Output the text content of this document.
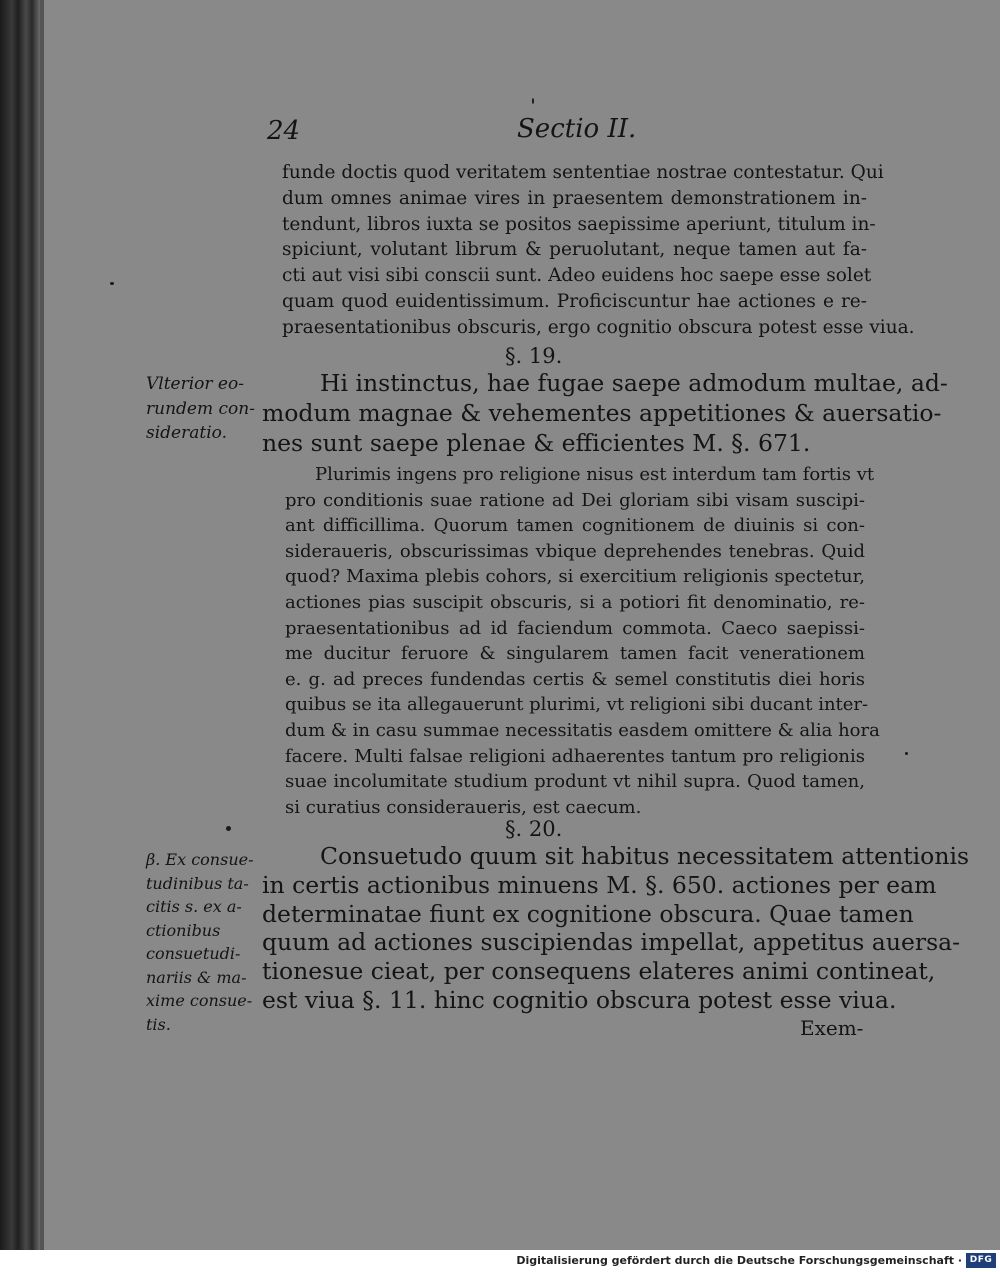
24	Sectio II.
funde doctis quod veritatem sententiae nostrae contestatur. Qui
dum omnes animae vires in praesentem demonstrationem in-
tendunt, libros iuxta se positos saepissime aperiunt, titulum in-
spiciunt, volutant librum & peruolutant, neque tamen aut fa-
cti aut visi sibi conscii sunt. Adeo euidens hoc saepe esse solet
quam quod euidentissimum. Proficiscuntur hae actiones e re-
praesentationibus obscuris, ergo cognitio obscura potest esse viua.
§. 19.
Vlterior eo-
rundem con-
sideratio.
Hi instinctus, hae fugae saepe admodum multae, ad-
modum magnae & vehementes appetitiones & auersatio-
nes sunt saepe plenae & efficientes M. §. 671.
Plurimis ingens pro religione nisus est interdum tam fortis vt
pro conditionis suae ratione ad Dei gloriam sibi visam suscipi-
ant difficillima. Quorum tamen cognitionem de diuinis si con-
sideraueris, obscurissimas vbique deprehendes tenebras. Quid
quod? Maxima plebis cohors, si exercitium religionis spectetur,
actiones pias suscipit obscuris, si a potiori fit denominatio, re-
praesentationibus ad id faciendum commota. Caeco saepissi-
me ducitur feruore & singularem tamen facit venerationem
e. g. ad preces fundendas certis & semel constitutis diei horis
quibus se ita allegauerunt plurimi, vt religioni sibi ducant inter-
dum & in casu summae necessitatis easdem omittere & alia hora
facere. Multi falsae religioni adhaerentes tantum pro religionis
suae incolumitate studium produnt vt nihil supra. Quod tamen,
si curatius consideraueris, est caecum.
§. 20.
β. Ex consue-
tudinibus ta-
citis s. ex a-
ctionibus
consuetudi-
nariis & ma-
xime consue-
tis.
Consuetudo quum sit habitus necessitatem attentionis
in certis actionibus minuens M. §. 650. actiones per eam
determinatae fiunt ex cognitione obscura. Quae tamen
quum ad actiones suscipiendas impellat, appetitus auersa-
tionesue cieat, per consequens elateres animi contineat,
est viua §. 11. hinc cognitio obscura potest esse viua.
Exem-
Digitalisierung gefördert durch die Deutsche Forschungsgemeinschaft · DFG
